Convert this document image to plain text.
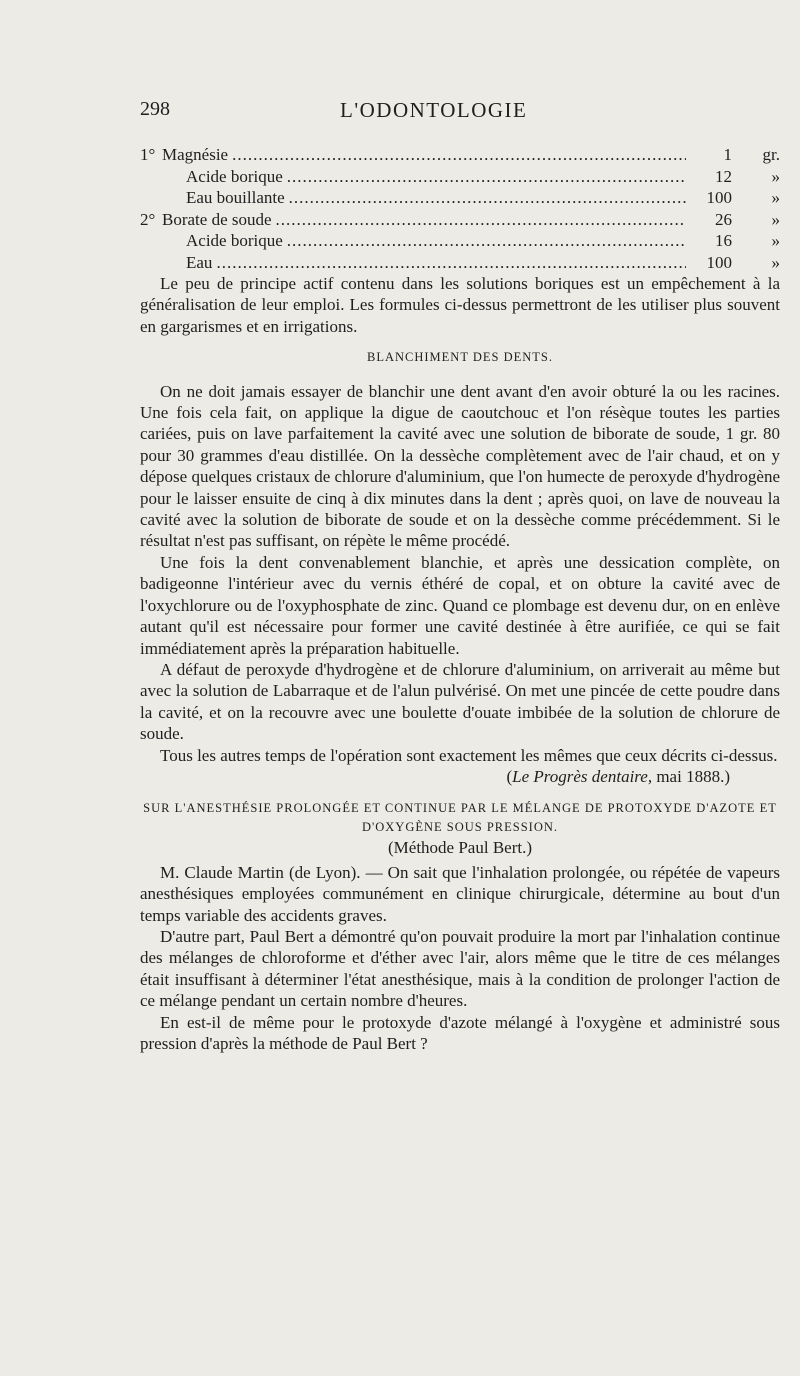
298	L'ODONTOLOGIE
1° Magnésie .....	1	gr.
Acide borique .....	12	»
Eau bouillante .....	100	»
2° Borate de soude .....	26	»
Acide borique .....	16	»
Eau .....	100	»

Le peu de principe actif contenu dans les solutions boriques est un empêchement à la généralisation de leur emploi. Les formules ci-dessus permettront de les utiliser plus souvent en gargarismes et en irrigations.

BLANCHIMENT DES DENTS.

On ne doit jamais essayer de blanchir une dent avant d'en avoir obturé la ou les racines. Une fois cela fait, on applique la digue de caoutchouc et l'on résèque toutes les parties cariées, puis on lave parfaitement la cavité avec une solution de biborate de soude, 1 gr. 80 pour 30 grammes d'eau distillée. On la dessèche complètement avec de l'air chaud, et on y dépose quelques cristaux de chlorure d'aluminium, que l'on humecte de peroxyde d'hydrogène pour le laisser ensuite de cinq à dix minutes dans la dent ; après quoi, on lave de nouveau la cavité avec la solution de biborate de soude et on la dessèche comme précédemment. Si le résultat n'est pas suffisant, on répète le même procédé.

Une fois la dent convenablement blanchie, et après une dessication complète, on badigeonne l'intérieur avec du vernis éthéré de copal, et on obture la cavité avec de l'oxychlorure ou de l'oxyphosphate de zinc. Quand ce plombage est devenu dur, on en enlève autant qu'il est nécessaire pour former une cavité destinée à être aurifiée, ce qui se fait immédiatement après la préparation habituelle.

A défaut de peroxyde d'hydrogène et de chlorure d'aluminium, on arriverait au même but avec la solution de Labarraque et de l'alun pulvérisé. On met une pincée de cette poudre dans la cavité, et on la recouvre avec une boulette d'ouate imbibée de la solution de chlorure de soude.

Tous les autres temps de l'opération sont exactement les mêmes que ceux décrits ci-dessus.

(Le Progrès dentaire, mai 1888.)
SUR L'ANESTHÉSIE PROLONGÉE ET CONTINUE PAR LE MÉLANGE DE PROTOXYDE D'AZOTE ET D'OXYGÈNE SOUS PRESSION.
(Méthode Paul Bert.)

M. Claude Martin (de Lyon). — On sait que l'inhalation prolongée, ou répétée de vapeurs anesthésiques employées communément en clinique chirurgicale, détermine au bout d'un temps variable des accidents graves.

D'autre part, Paul Bert a démontré qu'on pouvait produire la mort par l'inhalation continue des mélanges de chloroforme et d'éther avec l'air, alors même que le titre de ces mélanges était insuffisant à déterminer l'état anesthésique, mais à la condition de prolonger l'action de ce mélange pendant un certain nombre d'heures.

En est-il de même pour le protoxyde d'azote mélangé à l'oxygène et administré sous pression d'après la méthode de Paul Bert ?
